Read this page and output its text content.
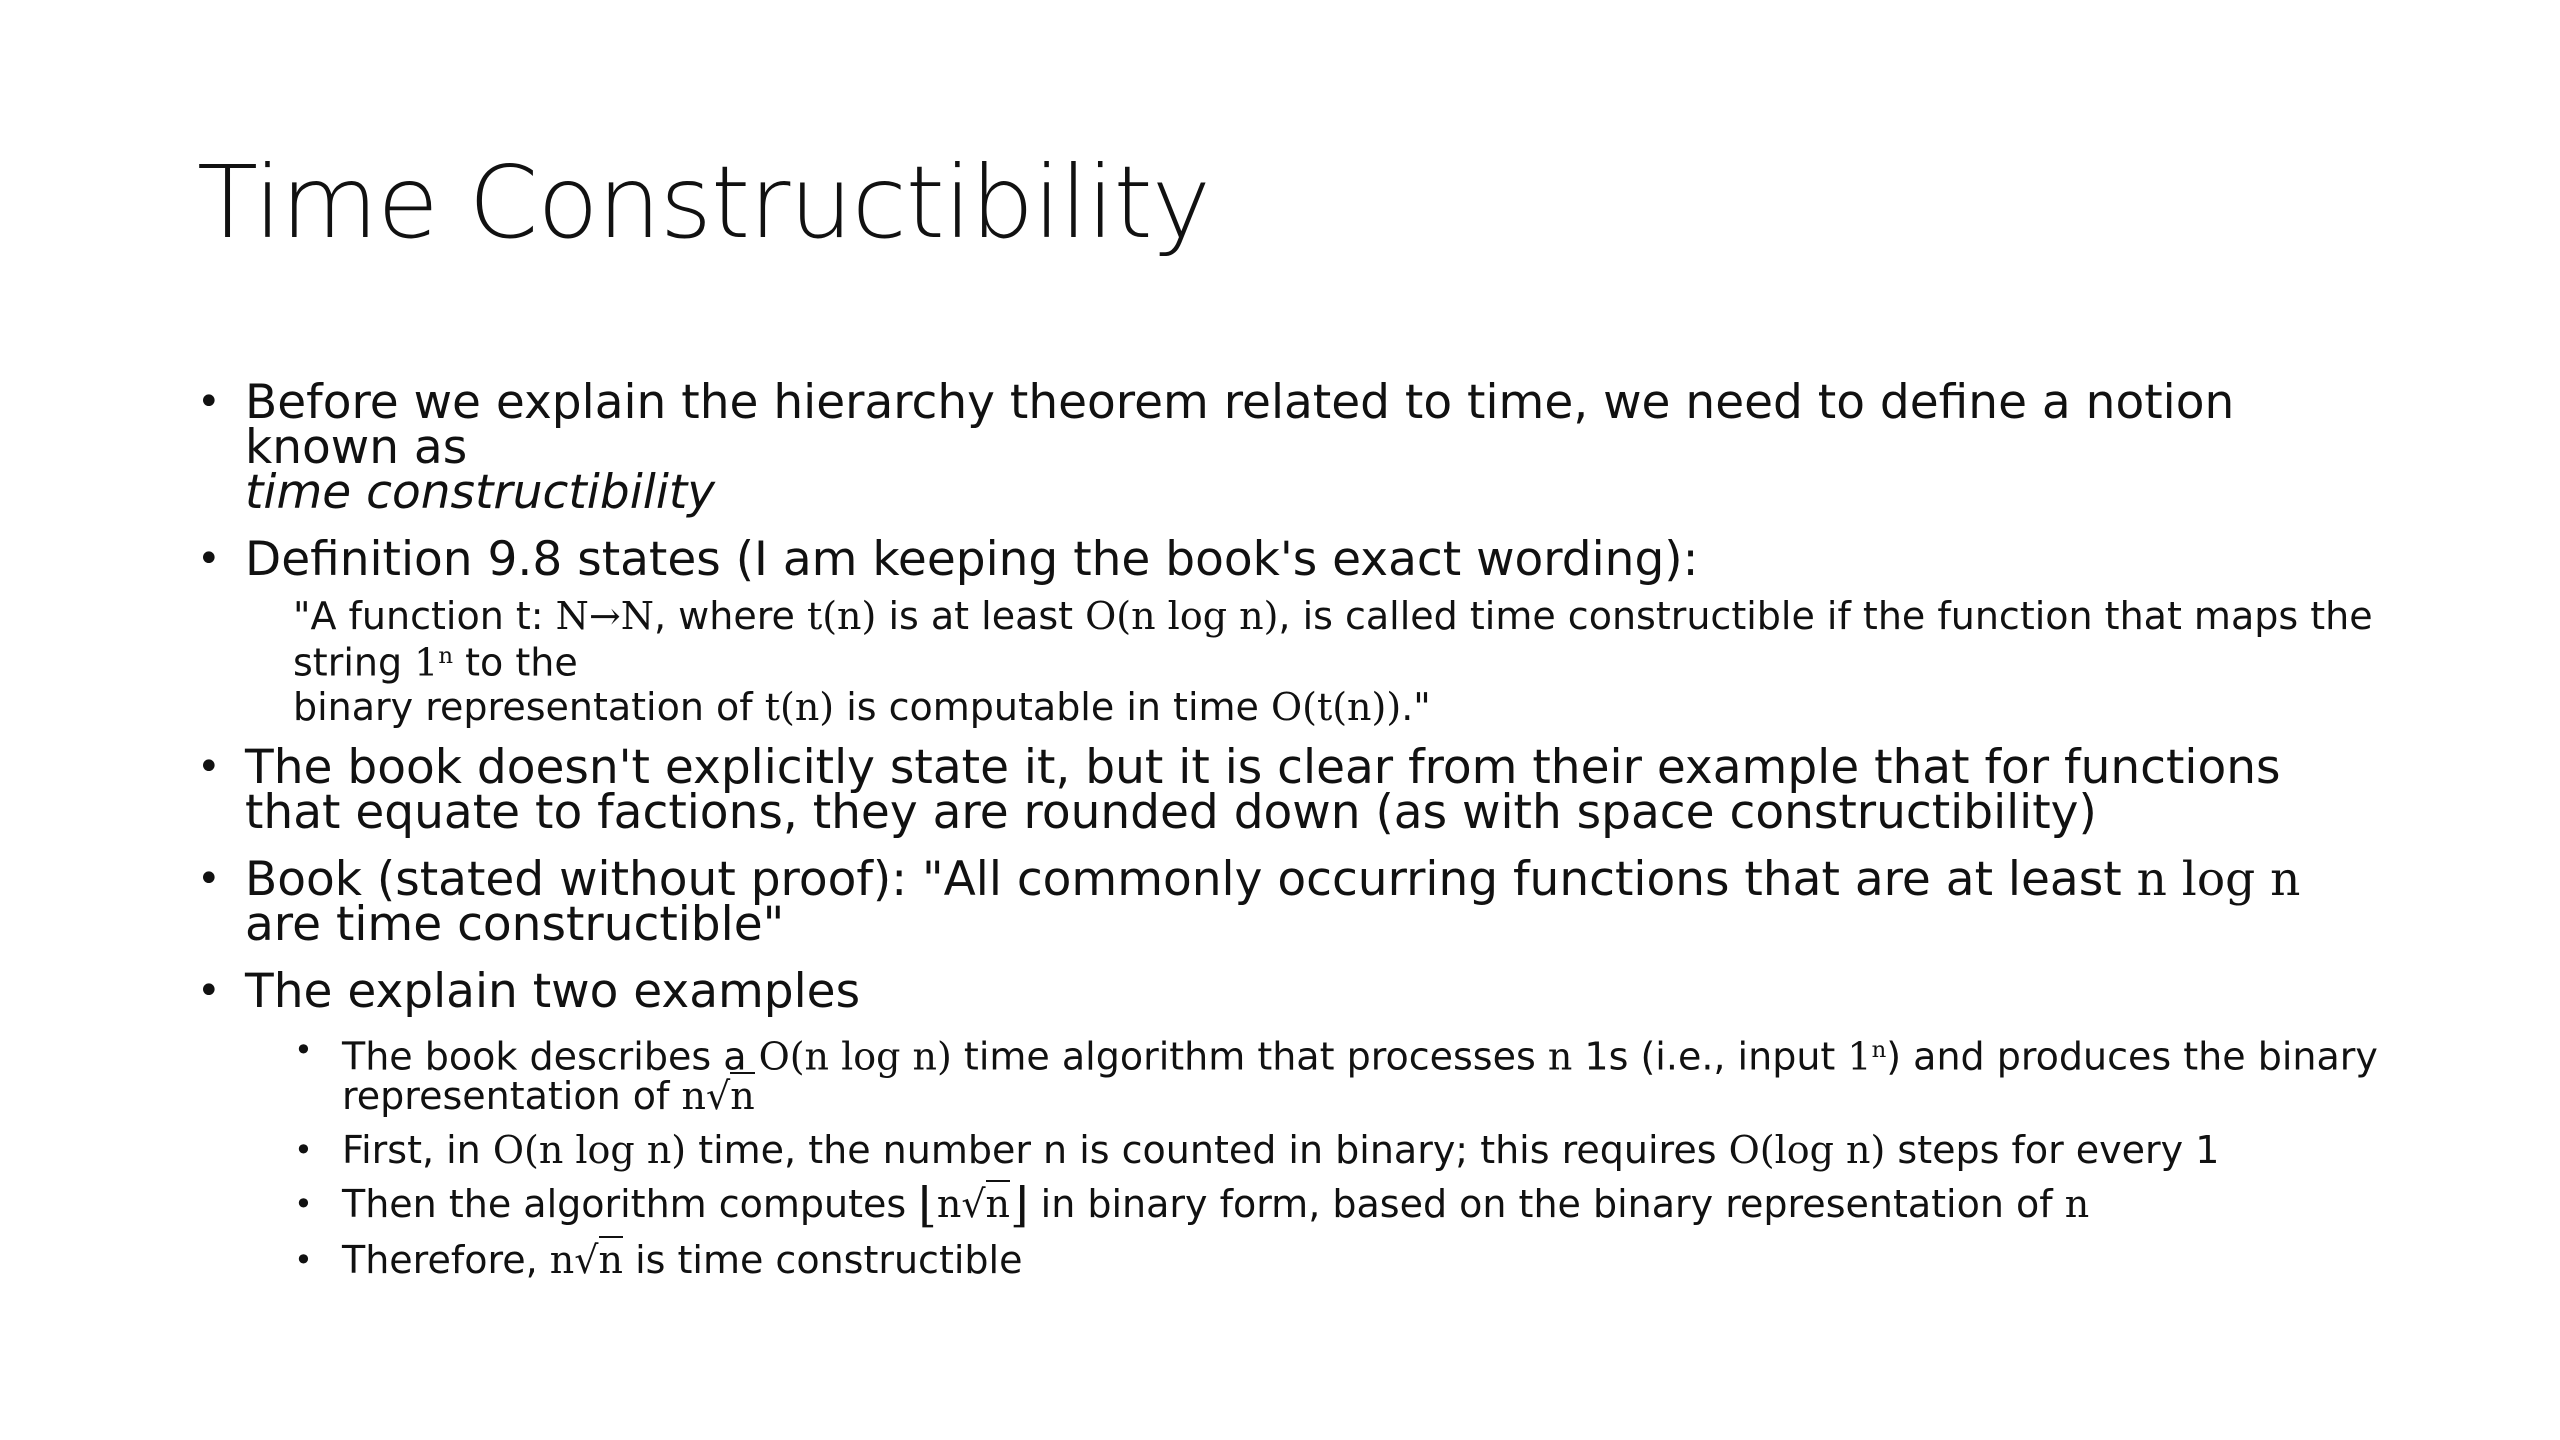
Time Constructibility
• Before we explain the hierarchy theorem related to time, we need to define a notion known as
time constructibility
• Definition 9.8 states (I am keeping the book's exact wording):
"A function t: N→N, where t(n) is at least O(n log n), is called time constructible if the function that maps the string 1$^n$ to the
binary representation of t(n) is computable in time O(t(n))."
• The book doesn't explicitly state it, but it is clear from their example that for functions that equate to factions, they are rounded down (as with space constructibility)
• Book (stated without proof): "All commonly occurring functions that are at least n log n are time constructible"
• The explain two examples
• The book describes a O(n log n) time algorithm that processes n 1s (i.e., input 1$^n$) and produces the binary representation of n√n
• First, in O(n log n) time, the number n is counted in binary; this requires O(log n) steps for every 1
• Then the algorithm computes ⌊n√n⌋ in binary form, based on the binary representation of n
• Therefore, n√n is time constructible
